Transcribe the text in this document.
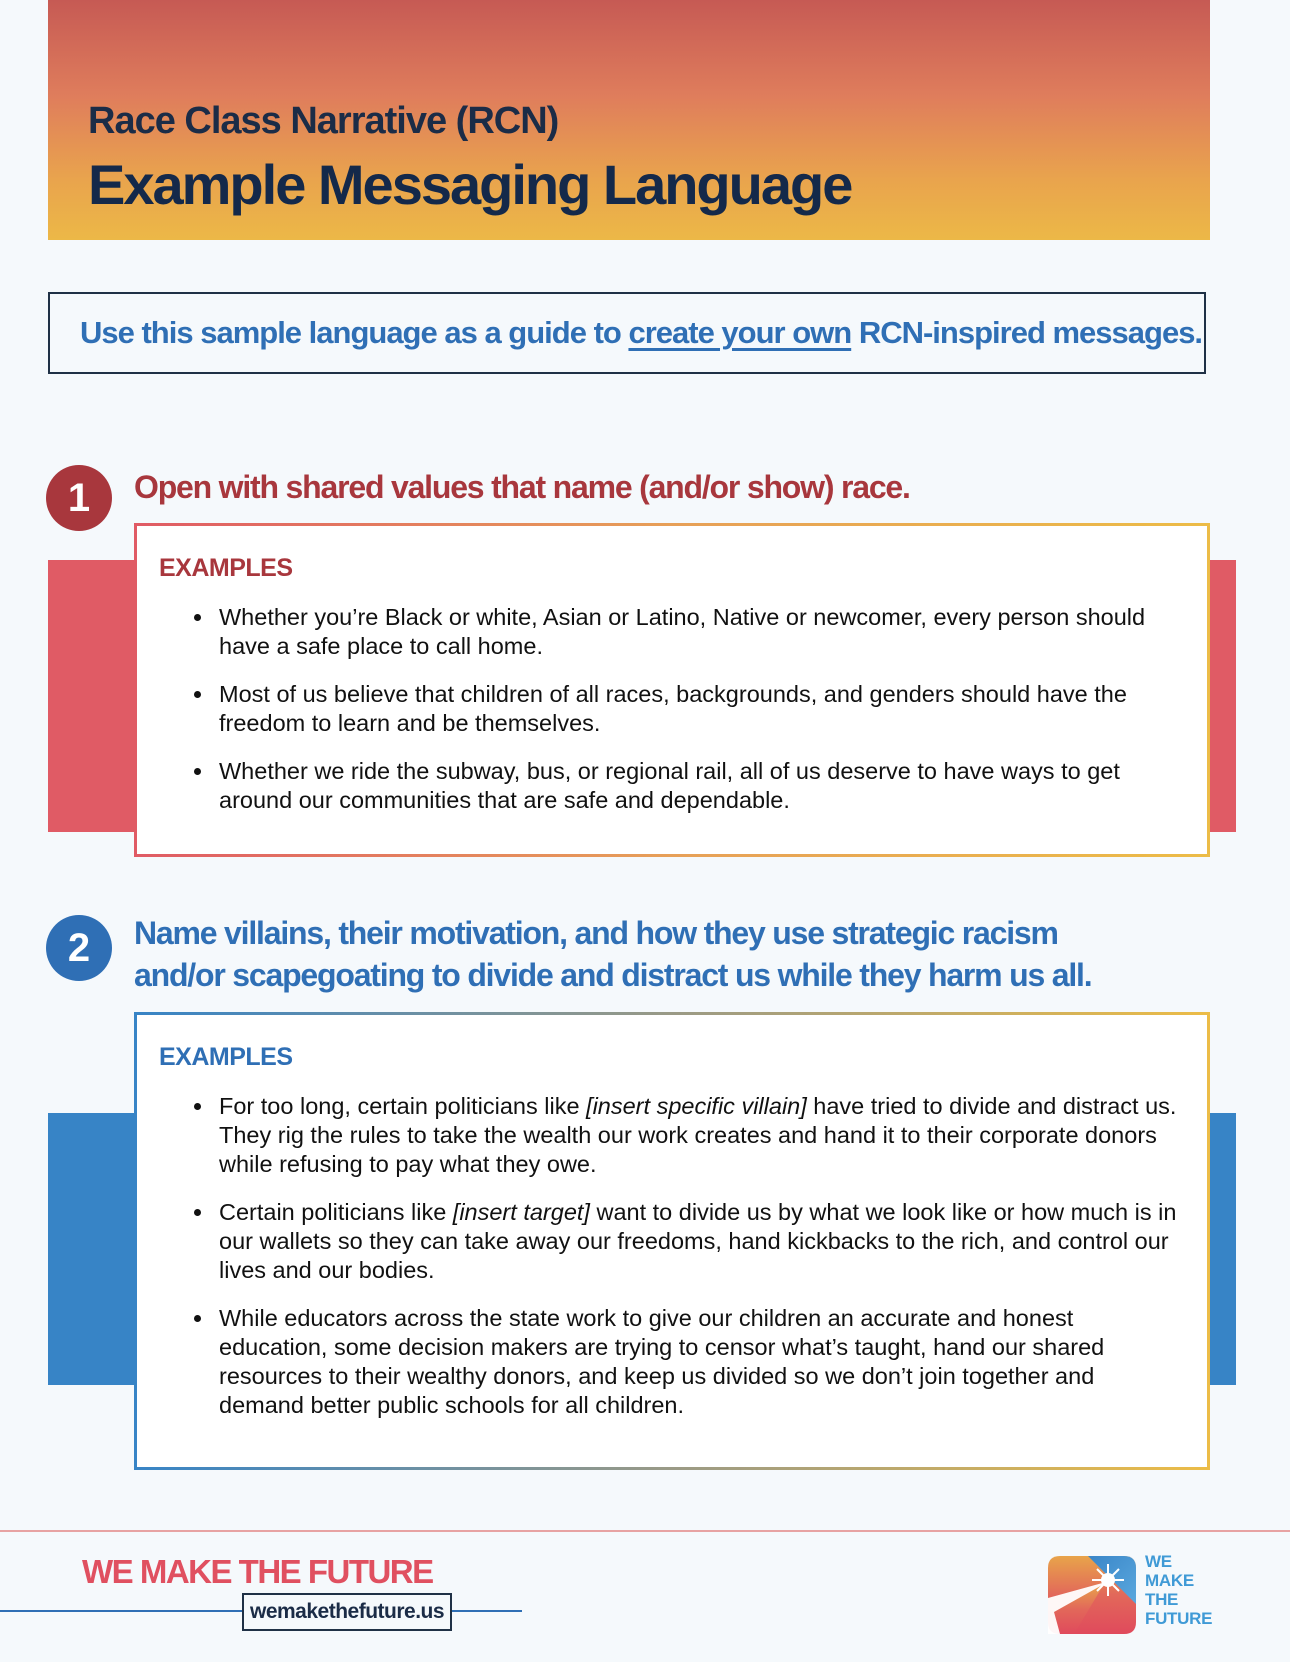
Race Class Narrative (RCN)
Example Messaging Language
Use this sample language as a guide to create your own RCN-inspired messages.
1 Open with shared values that name (and/or show) race.
EXAMPLES
• Whether you’re Black or white, Asian or Latino, Native or newcomer, every person should have a safe place to call home.
• Most of us believe that children of all races, backgrounds, and genders should have the freedom to learn and be themselves.
• Whether we ride the subway, bus, or regional rail, all of us deserve to have ways to get around our communities that are safe and dependable.
2 Name villains, their motivation, and how they use strategic racism
and/or scapegoating to divide and distract us while they harm us all.
EXAMPLES
• For too long, certain politicians like [insert specific villain] have tried to divide and distract us. They rig the rules to take the wealth our work creates and hand it to their corporate donors while refusing to pay what they owe.
• Certain politicians like [insert target] want to divide us by what we look like or how much is in our wallets so they can take away our freedoms, hand kickbacks to the rich, and control our lives and our bodies.
• While educators across the state work to give our children an accurate and honest education, some decision makers are trying to censor what’s taught, hand our shared resources to their wealthy donors, and keep us divided so we don’t join together and demand better public schools for all children.
WE MAKE THE FUTURE
wemakethefuture.us
WE
MAKE
THE
FUTURE
